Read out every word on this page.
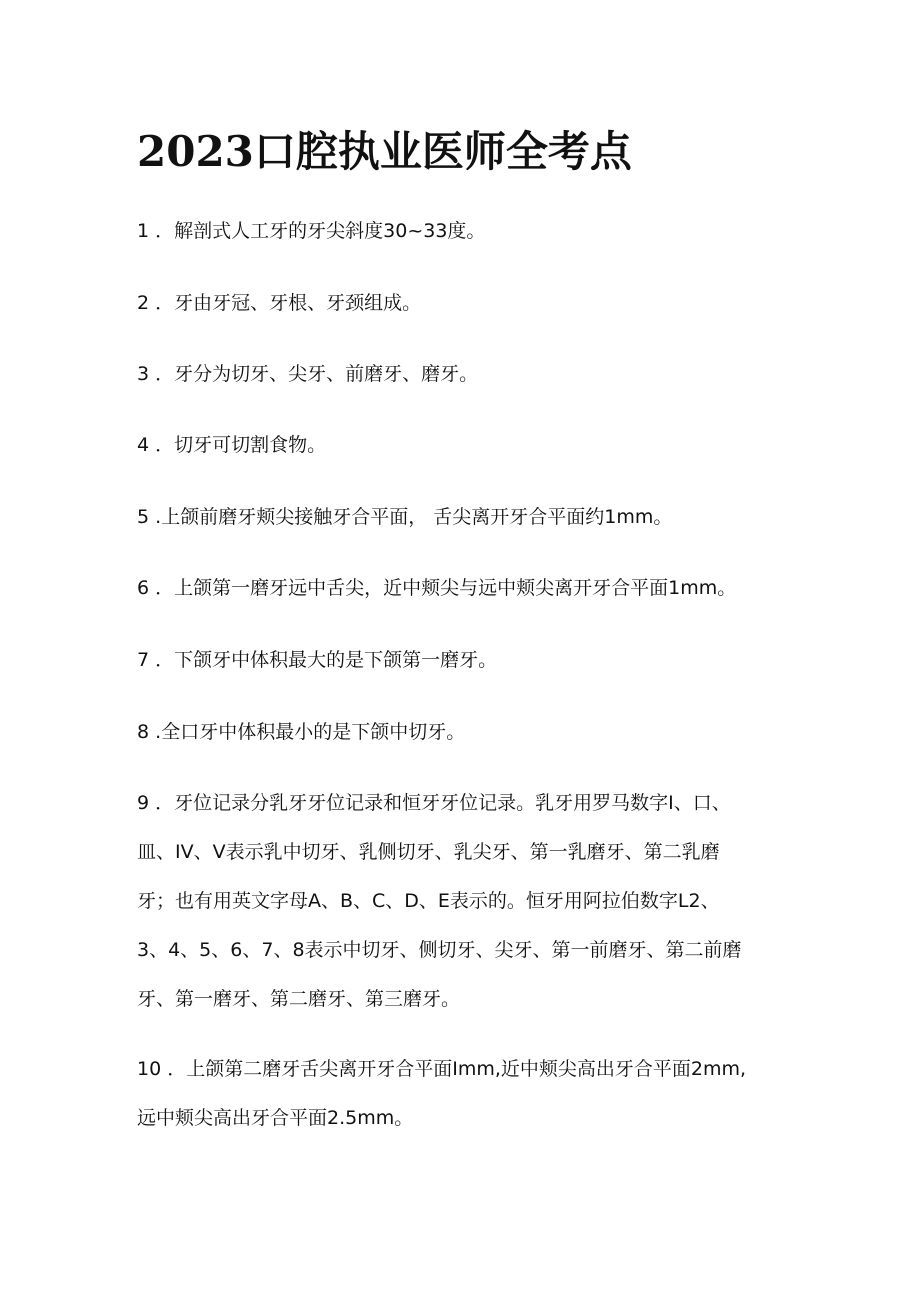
2023口腔执业医师全考点
1 ．解剖式人工牙的牙尖斜度30~33度。
2 ．牙由牙冠、牙根、牙颈组成。
3 ．牙分为切牙、尖牙、前磨牙、磨牙。
4 ．切牙可切割食物。
5 .上颌前磨牙颊尖接触牙合平面， 舌尖离开牙合平面约1mm。
6 ．上颌第一磨牙远中舌尖，近中颊尖与远中颊尖离开牙合平面1mm。
7 ．下颌牙中体积最大的是下颌第一磨牙。
8 .全口牙中体积最小的是下颌中切牙。
9 ．牙位记录分乳牙牙位记录和恒牙牙位记录。乳牙用罗马数字I、口、
皿、IV、V表示乳中切牙、乳侧切牙、乳尖牙、第一乳磨牙、第二乳磨
牙；也有用英文字母A、B、C、D、E表示的。恒牙用阿拉伯数字L2、
3、4、5、6、7、8表示中切牙、侧切牙、尖牙、第一前磨牙、第二前磨
牙、第一磨牙、第二磨牙、第三磨牙。
10 ．上颌第二磨牙舌尖离开牙合平面Imm,近中颊尖高出牙合平面2mm,
远中颊尖高出牙合平面2.5mm。
